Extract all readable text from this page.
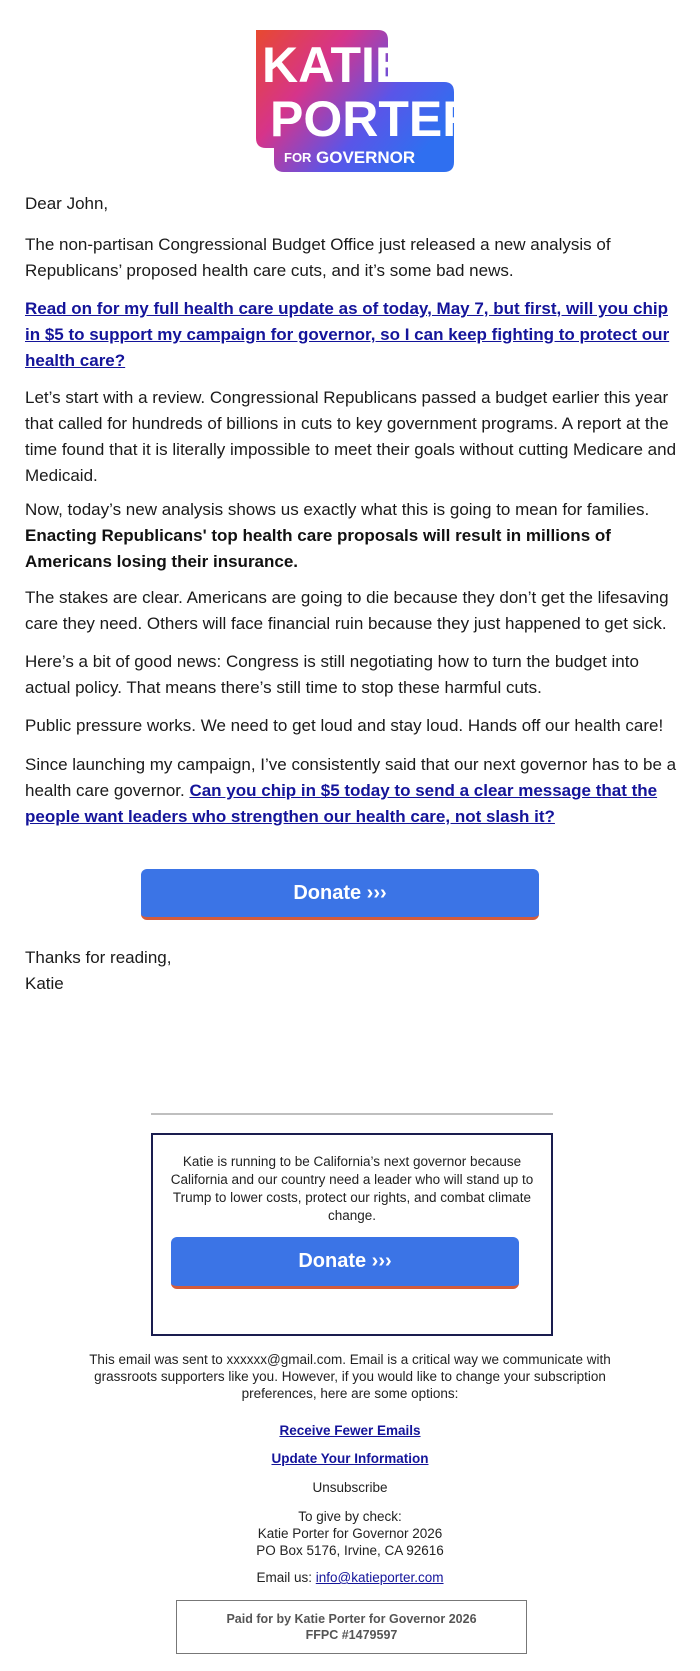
KATIE
PORTER
FOR GOVERNOR

Dear John,

The non-partisan Congressional Budget Office just released a new analysis of Republicans’ proposed health care cuts, and it’s some bad news.

Read on for my full health care update as of today, May 7, but first, will you chip in $5 to support my campaign for governor, so I can keep fighting to protect our health care?

Let’s start with a review. Congressional Republicans passed a budget earlier this year that called for hundreds of billions in cuts to key government programs. A report at the time found that it is literally impossible to meet their goals without cutting Medicare and Medicaid.

Now, today’s new analysis shows us exactly what this is going to mean for families. Enacting Republicans' top health care proposals will result in millions of Americans losing their insurance.

The stakes are clear. Americans are going to die because they don’t get the lifesaving care they need. Others will face financial ruin because they just happened to get sick.

Here’s a bit of good news: Congress is still negotiating how to turn the budget into actual policy. That means there’s still time to stop these harmful cuts.

Public pressure works. We need to get loud and stay loud. Hands off our health care!

Since launching my campaign, I’ve consistently said that our next governor has to be a health care governor. Can you chip in $5 today to send a clear message that the people want leaders who strengthen our health care, not slash it?

Donate ›››

Thanks for reading,

Katie

Katie is running to be California’s next governor because California and our country need a leader who will stand up to Trump to lower costs, protect our rights, and combat climate change.
Donate ›››
This email was sent to xxxxxx@gmail.com. Email is a critical way we communicate with grassroots supporters like you. However, if you would like to change your subscription preferences, here are some options:
Receive Fewer Emails
Update Your Information
Unsubscribe
To give by check:
Katie Porter for Governor 2026
PO Box 5176, Irvine, CA 92616
Email us: info@katieporter.com
Paid for by Katie Porter for Governor 2026
FFPC #1479597
